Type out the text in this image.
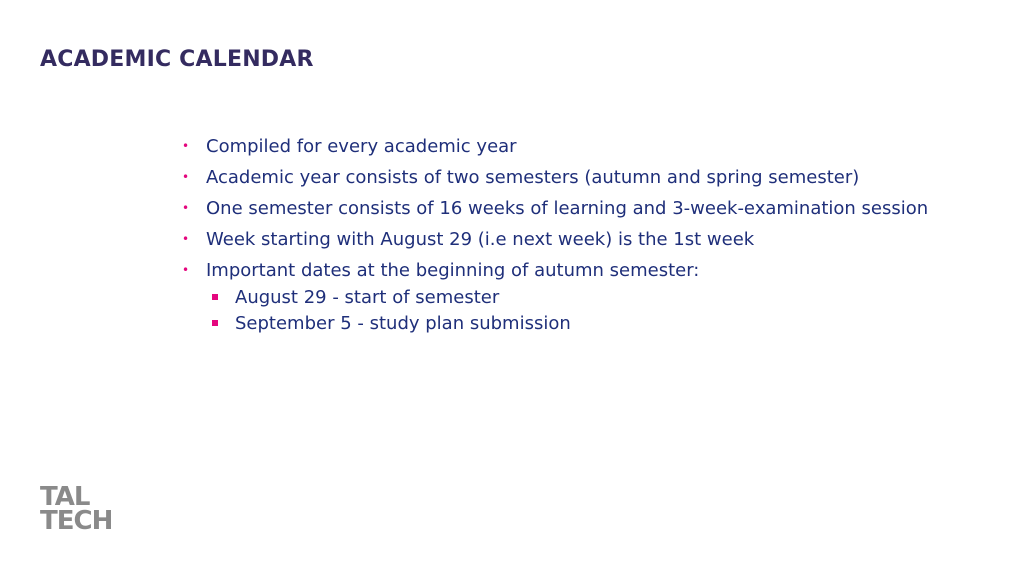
ACADEMIC CALENDAR
• Compiled for every academic year
• Academic year consists of two semesters (autumn and spring semester)
• One semester consists of 16 weeks of learning and 3-week-examination session
• Week starting with August 29 (i.e next week) is the 1st week
• Important dates at the beginning of autumn semester:
August 29 - start of semester
September 5 - study plan submission
TAL
TECH
